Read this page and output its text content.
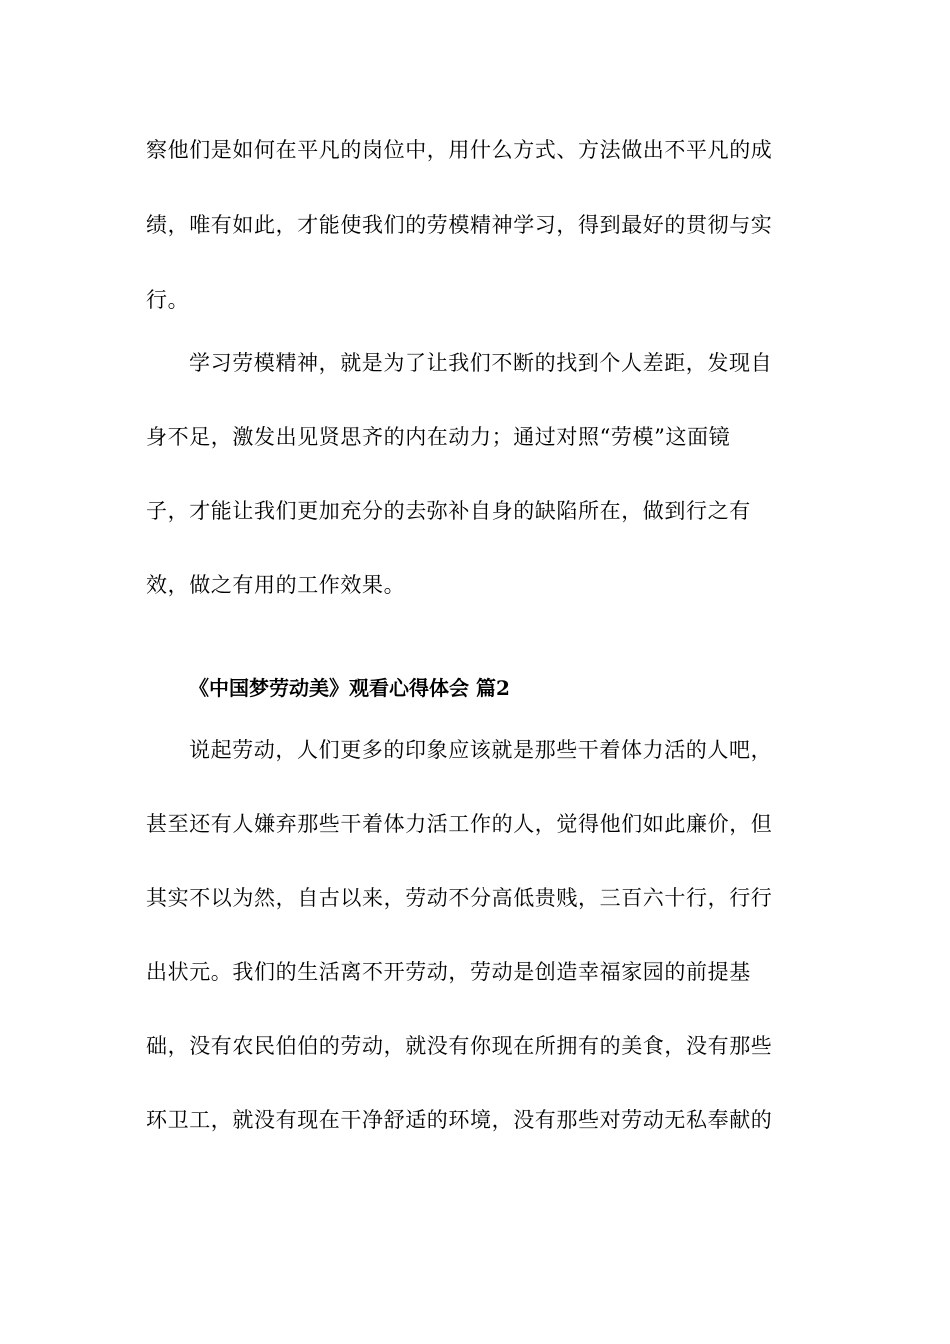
察他们是如何在平凡的岗位中，用什么方式、方法做出不平凡的成
绩，唯有如此，才能使我们的劳模精神学习，得到最好的贯彻与实
行。
学习劳模精神，就是为了让我们不断的找到个人差距，发现自
身不足，激发出见贤思齐的内在动力；通过对照“劳模”这面镜
子，才能让我们更加充分的去弥补自身的缺陷所在，做到行之有
效，做之有用的工作效果。
《中国梦劳动美》观看心得体会 篇2
说起劳动，人们更多的印象应该就是那些干着体力活的人吧，
甚至还有人嫌弃那些干着体力活工作的人，觉得他们如此廉价，但
其实不以为然，自古以来，劳动不分高低贵贱，三百六十行，行行
出状元。我们的生活离不开劳动，劳动是创造幸福家园的前提基
础，没有农民伯伯的劳动，就没有你现在所拥有的美食，没有那些
环卫工，就没有现在干净舒适的环境，没有那些对劳动无私奉献的
